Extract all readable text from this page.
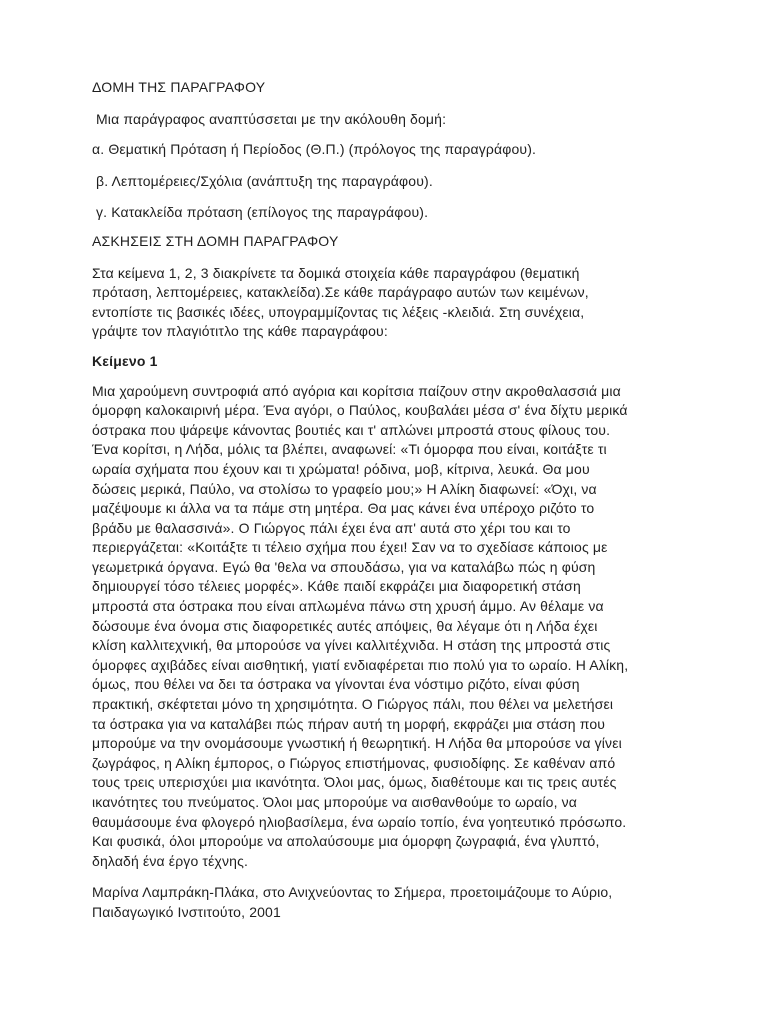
ΔΟΜΗ ΤΗΣ ΠΑΡΑΓΡΑΦΟΥ

Μια παράγραφος αναπτύσσεται με την ακόλουθη δομή:

α. Θεματική Πρόταση ή Περίοδος (Θ.Π.) (πρόλογος της παραγράφου).

β. Λεπτομέρειες/Σχόλια (ανάπτυξη της παραγράφου).

γ. Κατακλείδα πρόταση (επίλογος της παραγράφου).

ΑΣΚΗΣΕΙΣ ΣΤΗ ΔΟΜΗ ΠΑΡΑΓΡΑΦΟΥ
Στα κείμενα 1, 2, 3 διακρίνετε τα δομικά στοιχεία κάθε παραγράφου (θεματική
πρόταση, λεπτομέρειες, κατακλείδα).Σε κάθε παράγραφο αυτών των κειμένων,
εντοπίστε τις βασικές ιδέες, υπογραμμίζοντας τις λέξεις -κλειδιά. Στη συνέχεια,
γράψτε τον πλαγιότιτλο της κάθε παραγράφου:
Κείμενο 1
Μια χαρούμενη συντροφιά από αγόρια και κορίτσια παίζουν στην ακροθαλασσιά μια
όμορφη καλοκαιρινή μέρα. Ένα αγόρι, ο Παύλος, κουβαλάει μέσα σ' ένα δίχτυ μερικά
όστρακα που ψάρεψε κάνοντας βουτιές και τ' απλώνει μπροστά στους φίλους του.
Ένα κορίτσι, η Λήδα, μόλις τα βλέπει, αναφωνεί: «Τι όμορφα που είναι, κοιτάξτε τι
ωραία σχήματα που έχουν και τι χρώματα! ρόδινα, μοβ, κίτρινα, λευκά. Θα μου
δώσεις μερικά, Παύλο, να στολίσω το γραφείο μου;» Η Αλίκη διαφωνεί: «Όχι, να
μαζέψουμε κι άλλα να τα πάμε στη μητέρα. Θα μας κάνει ένα υπέροχο ριζότο το
βράδυ με θαλασσινά». Ο Γιώργος πάλι έχει ένα απ' αυτά στο χέρι του και το
περιεργάζεται: «Κοιτάξτε τι τέλειο σχήμα που έχει! Σαν να το σχεδίασε κάποιος με
γεωμετρικά όργανα. Εγώ θα 'θελα να σπουδάσω, για να καταλάβω πώς η φύση
δημιουργεί τόσο τέλειες μορφές». Κάθε παιδί εκφράζει μια διαφορετική στάση
μπροστά στα όστρακα που είναι απλωμένα πάνω στη χρυσή άμμο. Αν θέλαμε να
δώσουμε ένα όνομα στις διαφορετικές αυτές απόψεις, θα λέγαμε ότι η Λήδα έχει
κλίση καλλιτεχνική, θα μπορούσε να γίνει καλλιτέχνιδα. Η στάση της μπροστά στις
όμορφες αχιβάδες είναι αισθητική, γιατί ενδιαφέρεται πιο πολύ για το ωραίο. Η Αλίκη,
όμως, που θέλει να δει τα όστρακα να γίνονται ένα νόστιμο ριζότο, είναι φύση
πρακτική, σκέφτεται μόνο τη χρησιμότητα. Ο Γιώργος πάλι, που θέλει να μελετήσει
τα όστρακα για να καταλάβει πώς πήραν αυτή τη μορφή, εκφράζει μια στάση που
μπορούμε να την ονομάσουμε γνωστική ή θεωρητική. Η Λήδα θα μπορούσε να γίνει
ζωγράφος, η Αλίκη έμπορος, ο Γιώργος επιστήμονας, φυσιοδίφης. Σε καθέναν από
τους τρεις υπερισχύει μια ικανότητα. Όλοι μας, όμως, διαθέτουμε και τις τρεις αυτές
ικανότητες του πνεύματος. Όλοι μας μπορούμε να αισθανθούμε το ωραίο, να
θαυμάσουμε ένα φλογερό ηλιοβασίλεμα, ένα ωραίο τοπίο, ένα γοητευτικό πρόσωπο.
Και φυσικά, όλοι μπορούμε να απολαύσουμε μια όμορφη ζωγραφιά, ένα γλυπτό,
δηλαδή ένα έργο τέχνης.
Μαρίνα Λαμπράκη-Πλάκα, στο Ανιχνεύοντας το Σήμερα, προετοιμάζουμε το Αύριο,
Παιδαγωγικό Ινστιτούτο, 2001
